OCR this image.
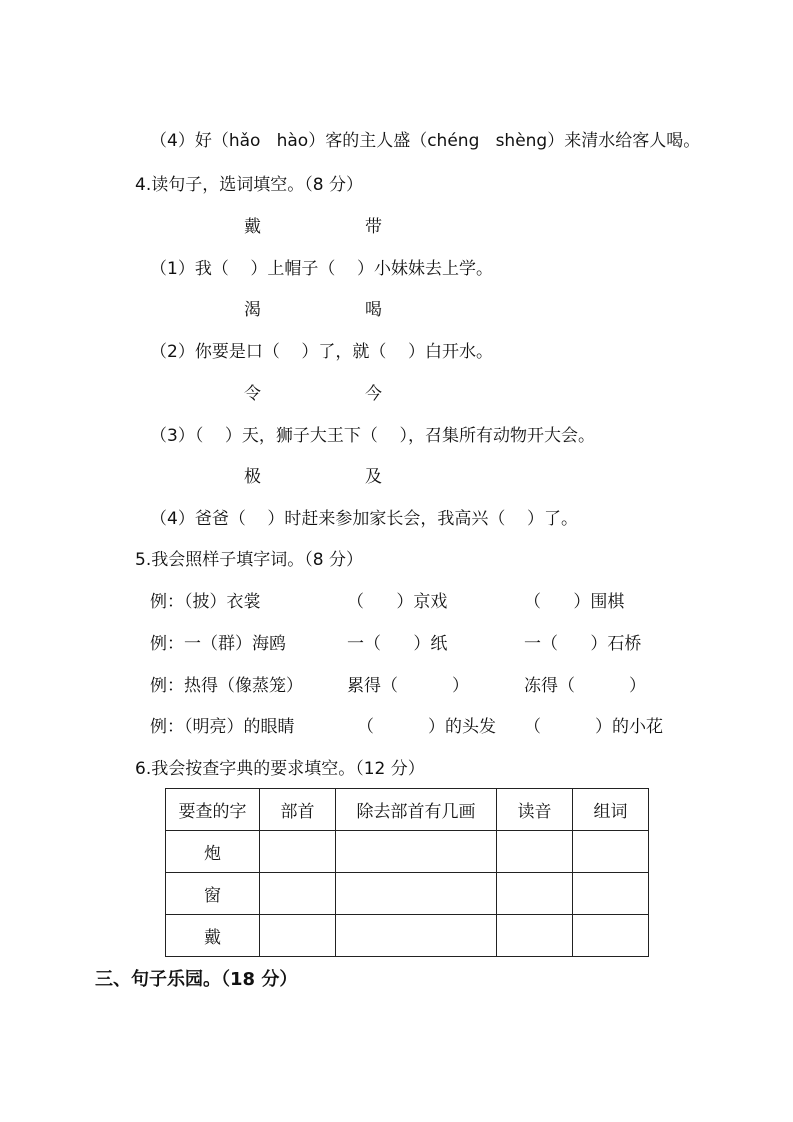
（4）好（hǎo   hào）客的主人盛（chéng   shèng）来清水给客人喝。
4.读句子，选词填空。（8 分）
戴	带
（1）我（    ）上帽子（    ）小妹妹去上学。
渴	喝
（2）你要是口（    ）了，就（    ）白开水。
令	今
（3）（    ）天，狮子大王下（    ），召集所有动物开大会。
极	及
（4）爸爸（    ）时赶来参加家长会，我高兴（    ）了。
5.我会照样子填字词。（8 分）
例：（披）衣裳	（      ）京戏	（      ）围棋
例：一（群）海鸥	一（      ）纸	一（      ）石桥
例：热得（像蒸笼）	累得（          ）	冻得（          ）
例：（明亮）的眼睛	（          ）的头发 （          ）的小花
6.我会按查字典的要求填空。（12 分）
要查的字	部首	除去部首有几画	读音	组词
炮				
窗				
戴				
三、句子乐园。（18 分）
